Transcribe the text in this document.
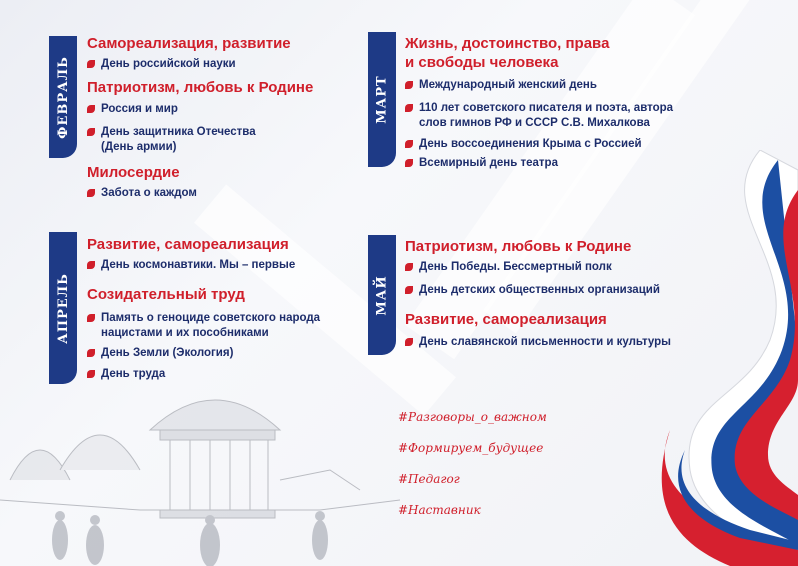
ФЕВРАЛЬ

Самореализация, развитие

День российской науки

Патриотизм, любовь к Родине

Россия и мир

День защитника Отечества (День армии)

Милосердие

Забота о каждом

МАРТ

Жизнь, достоинство, права и свободы человека

Международный женский день

110 лет советского писателя и поэта, автора слов гимнов РФ и СССР С.В. Михалкова

День воссоединения Крыма с Россией

Всемирный день театра

АПРЕЛЬ

Развитие, самореализация

День космонавтики. Мы – первые

Созидательный труд

Память о геноциде советского народа нацистами и их пособниками

День Земли (Экология)

День труда

МАЙ

Патриотизм, любовь к Родине

День Победы. Бессмертный полк

День детских общественных организаций

Развитие, самореализация

День славянской письменности и культуры

#Разговоры_о_важном

#Формируем_будущее

#Педагог

#Наставник
